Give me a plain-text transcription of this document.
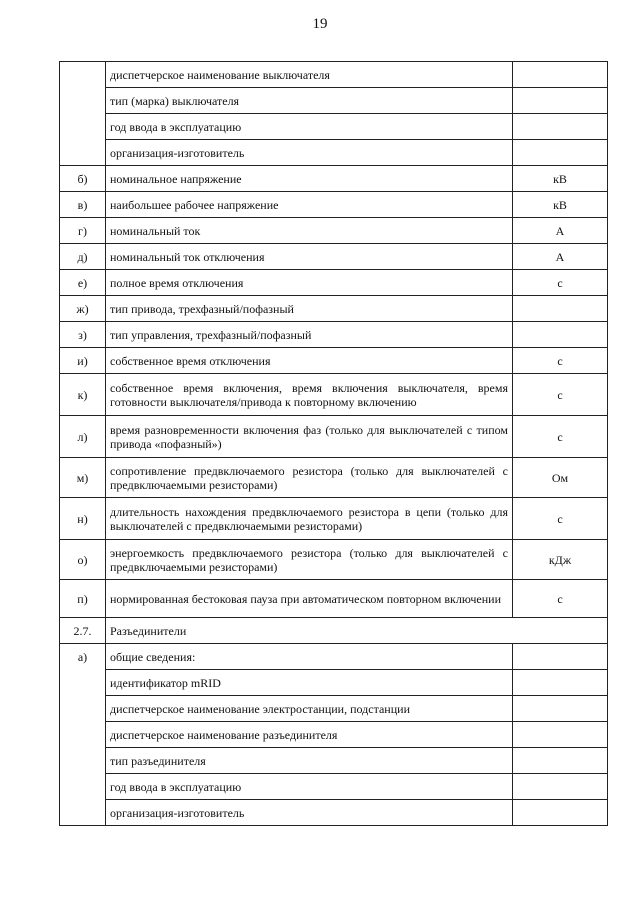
19
	диспетчерское наименование выключателя	
	тип (марка) выключателя	
	год ввода в эксплуатацию	
	организация-изготовитель	
б)	номинальное напряжение	кВ
в)	наибольшее рабочее напряжение	кВ
г)	номинальный ток	А
д)	номинальный ток отключения	А
е)	полное время отключения	с
ж)	тип привода, трехфазный/пофазный	
з)	тип управления, трехфазный/пофазный	
и)	собственное время отключения	с
к)	собственное время включения, время включения выключателя, время готовности выключателя/привода к повторному включению	с
л)	время разновременности включения фаз (только для выключателей с типом привода «пофазный»)	с
м)	сопротивление предвключаемого резистора (только для выключателей с предвключаемыми резисторами)	Ом
н)	длительность нахождения предвключаемого резистора в цепи (только для выключателей с предвключаемыми резисторами)	с
о)	энергоемкость предвключаемого резистора (только для выключателей с предвключаемыми резисторами)	кДж
п)	нормированная бестоковая пауза при автоматическом повторном включении	с
2.7.	Разъединители	
а)	общие сведения:	
	идентификатор mRID	
	диспетчерское наименование электростанции, подстанции	
	диспетчерское наименование разъединителя	
	тип разъединителя	
	год ввода в эксплуатацию	
	организация-изготовитель	
